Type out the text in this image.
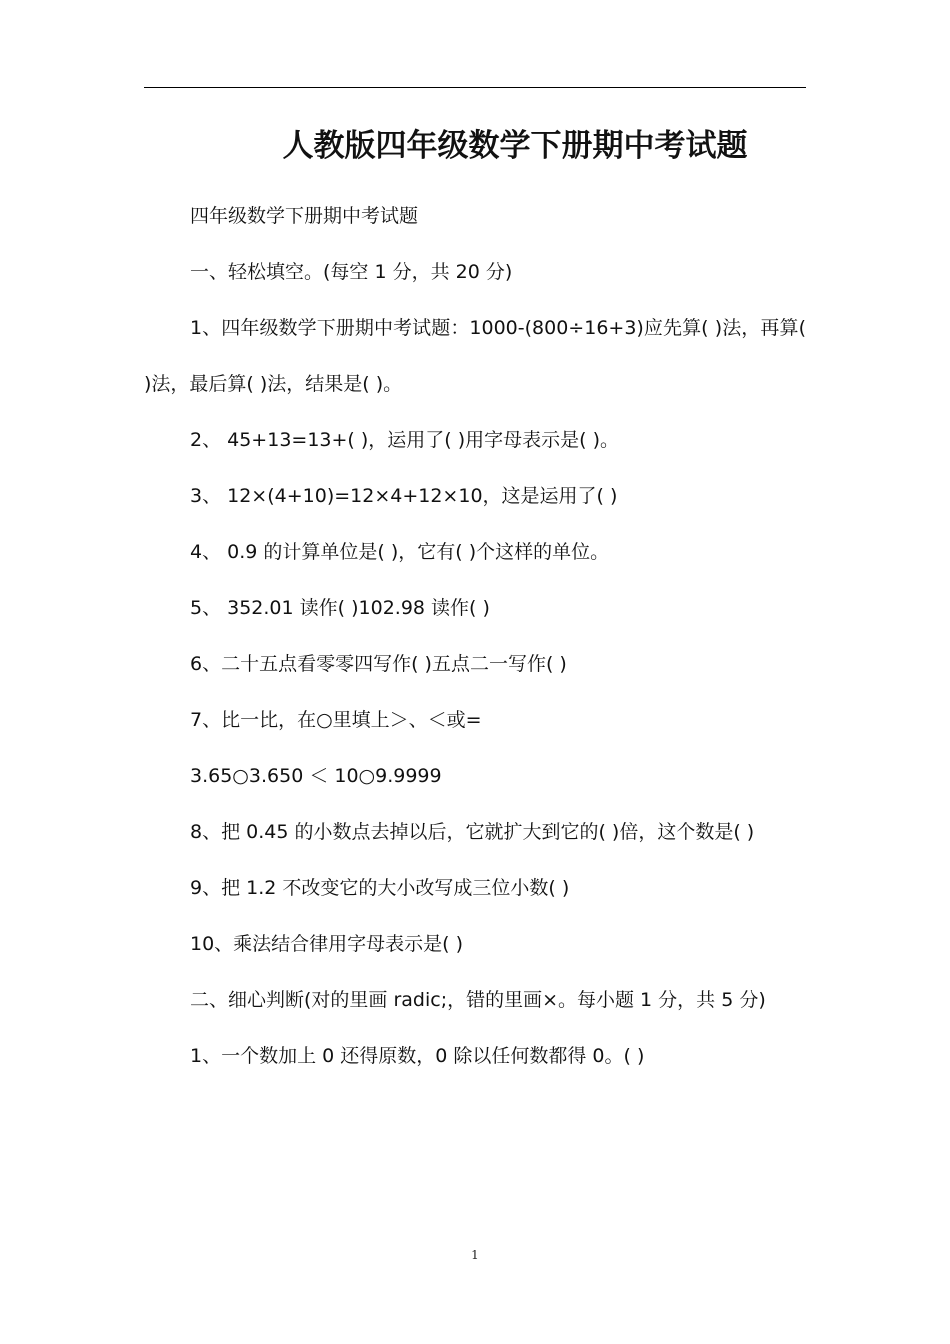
人教版四年级数学下册期中考试题

四年级数学下册期中考试题

一、轻松填空。(每空 1 分，共 20 分)

1、四年级数学下册期中考试题：1000-(800÷16+3)应先算( )法，再算( )法，最后算( )法，结果是( )。

2、 45+13=13+( )，运用了( )用字母表示是( )。

3、 12×(4+10)=12×4+12×10，这是运用了( )

4、 0.9 的计算单位是( )，它有( )个这样的单位。

5、 352.01 读作( )102.98 读作( )

6、二十五点看零零四写作( )五点二一写作( )

7、比一比，在○里填上＞、＜或=

3.65○3.650 ＜ 10○9.9999

8、把 0.45 的小数点去掉以后，它就扩大到它的( )倍，这个数是( )

9、把 1.2 不改变它的大小改写成三位小数( )

10、乘法结合律用字母表示是( )

二、细心判断(对的里画 radic;，错的里画×。每小题 1 分，共 5 分)

1、一个数加上 0 还得原数，0 除以任何数都得 0。( )

1
